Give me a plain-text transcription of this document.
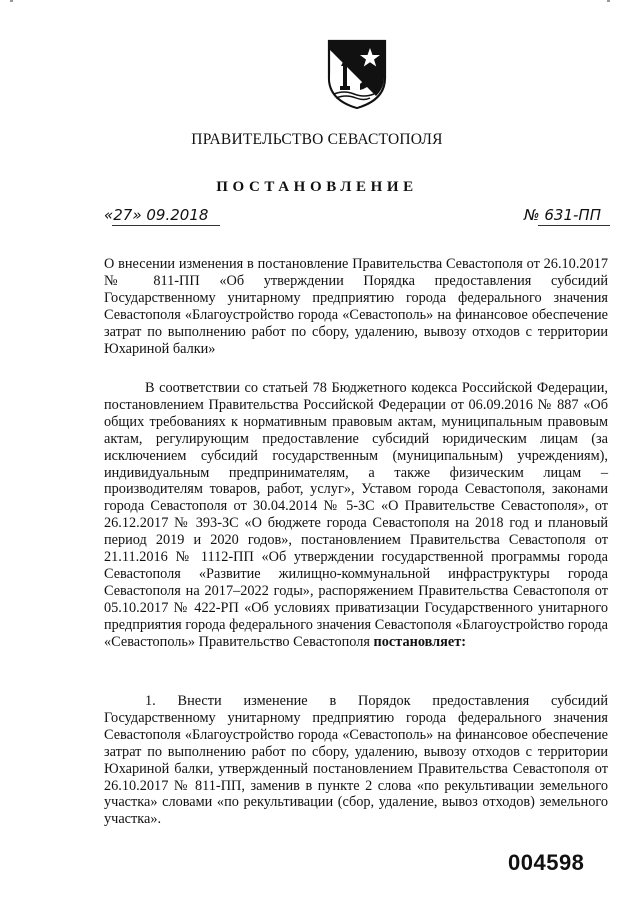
ПРАВИТЕЛЬСТВО СЕВАСТОПОЛЯ
ПОСТАНОВЛЕНИЕ
«27» 09.2018	№ 631-ПП
О внесении изменения в постановление Правительства Севастополя от 26.10.2017 № 811-ПП «Об утверждении Порядка предоставления субсидий Государственному унитарному предприятию города федерального значения Севастополя «Благоустройство города «Севастополь» на финансовое обеспечение затрат по выполнению работ по сбору, удалению, вывозу отходов с территории Юхариной балки»
В соответствии со статьей 78 Бюджетного кодекса Российской Федерации, постановлением Правительства Российской Федерации от 06.09.2016 № 887 «Об общих требованиях к нормативным правовым актам, муниципальным правовым актам, регулирующим предоставление субсидий юридическим лицам (за исключением субсидий государственным (муниципальным) учреждениям), индивидуальным предпринимателям, а также физическим лицам – производителям товаров, работ, услуг», Уставом города Севастополя, законами города Севастополя от 30.04.2014 № 5-ЗС «О Правительстве Севастополя», от 26.12.2017 № 393-ЗС «О бюджете города Севастополя на 2018 год и плановый период 2019 и 2020 годов», постановлением Правительства Севастополя от 21.11.2016 № 1112-ПП «Об утверждении государственной программы города Севастополя «Развитие жилищно-коммунальной инфраструктуры города Севастополя на 2017–2022 годы», распоряжением Правительства Севастополя от 05.10.2017 № 422-РП «Об условиях приватизации Государственного унитарного предприятия города федерального значения Севастополя «Благоустройство города «Севастополь» Правительство Севастополя постановляет:
1. Внести изменение в Порядок предоставления субсидий Государственному унитарному предприятию города федерального значения Севастополя «Благоустройство города «Севастополь» на финансовое обеспечение затрат по выполнению работ по сбору, удалению, вывозу отходов с территории Юхариной балки, утвержденный постановлением Правительства Севастополя от 26.10.2017 № 811-ПП, заменив в пункте 2 слова «по рекультивации земельного участка» словами «по рекультивации (сбор, удаление, вывоз отходов) земельного участка».
004598
